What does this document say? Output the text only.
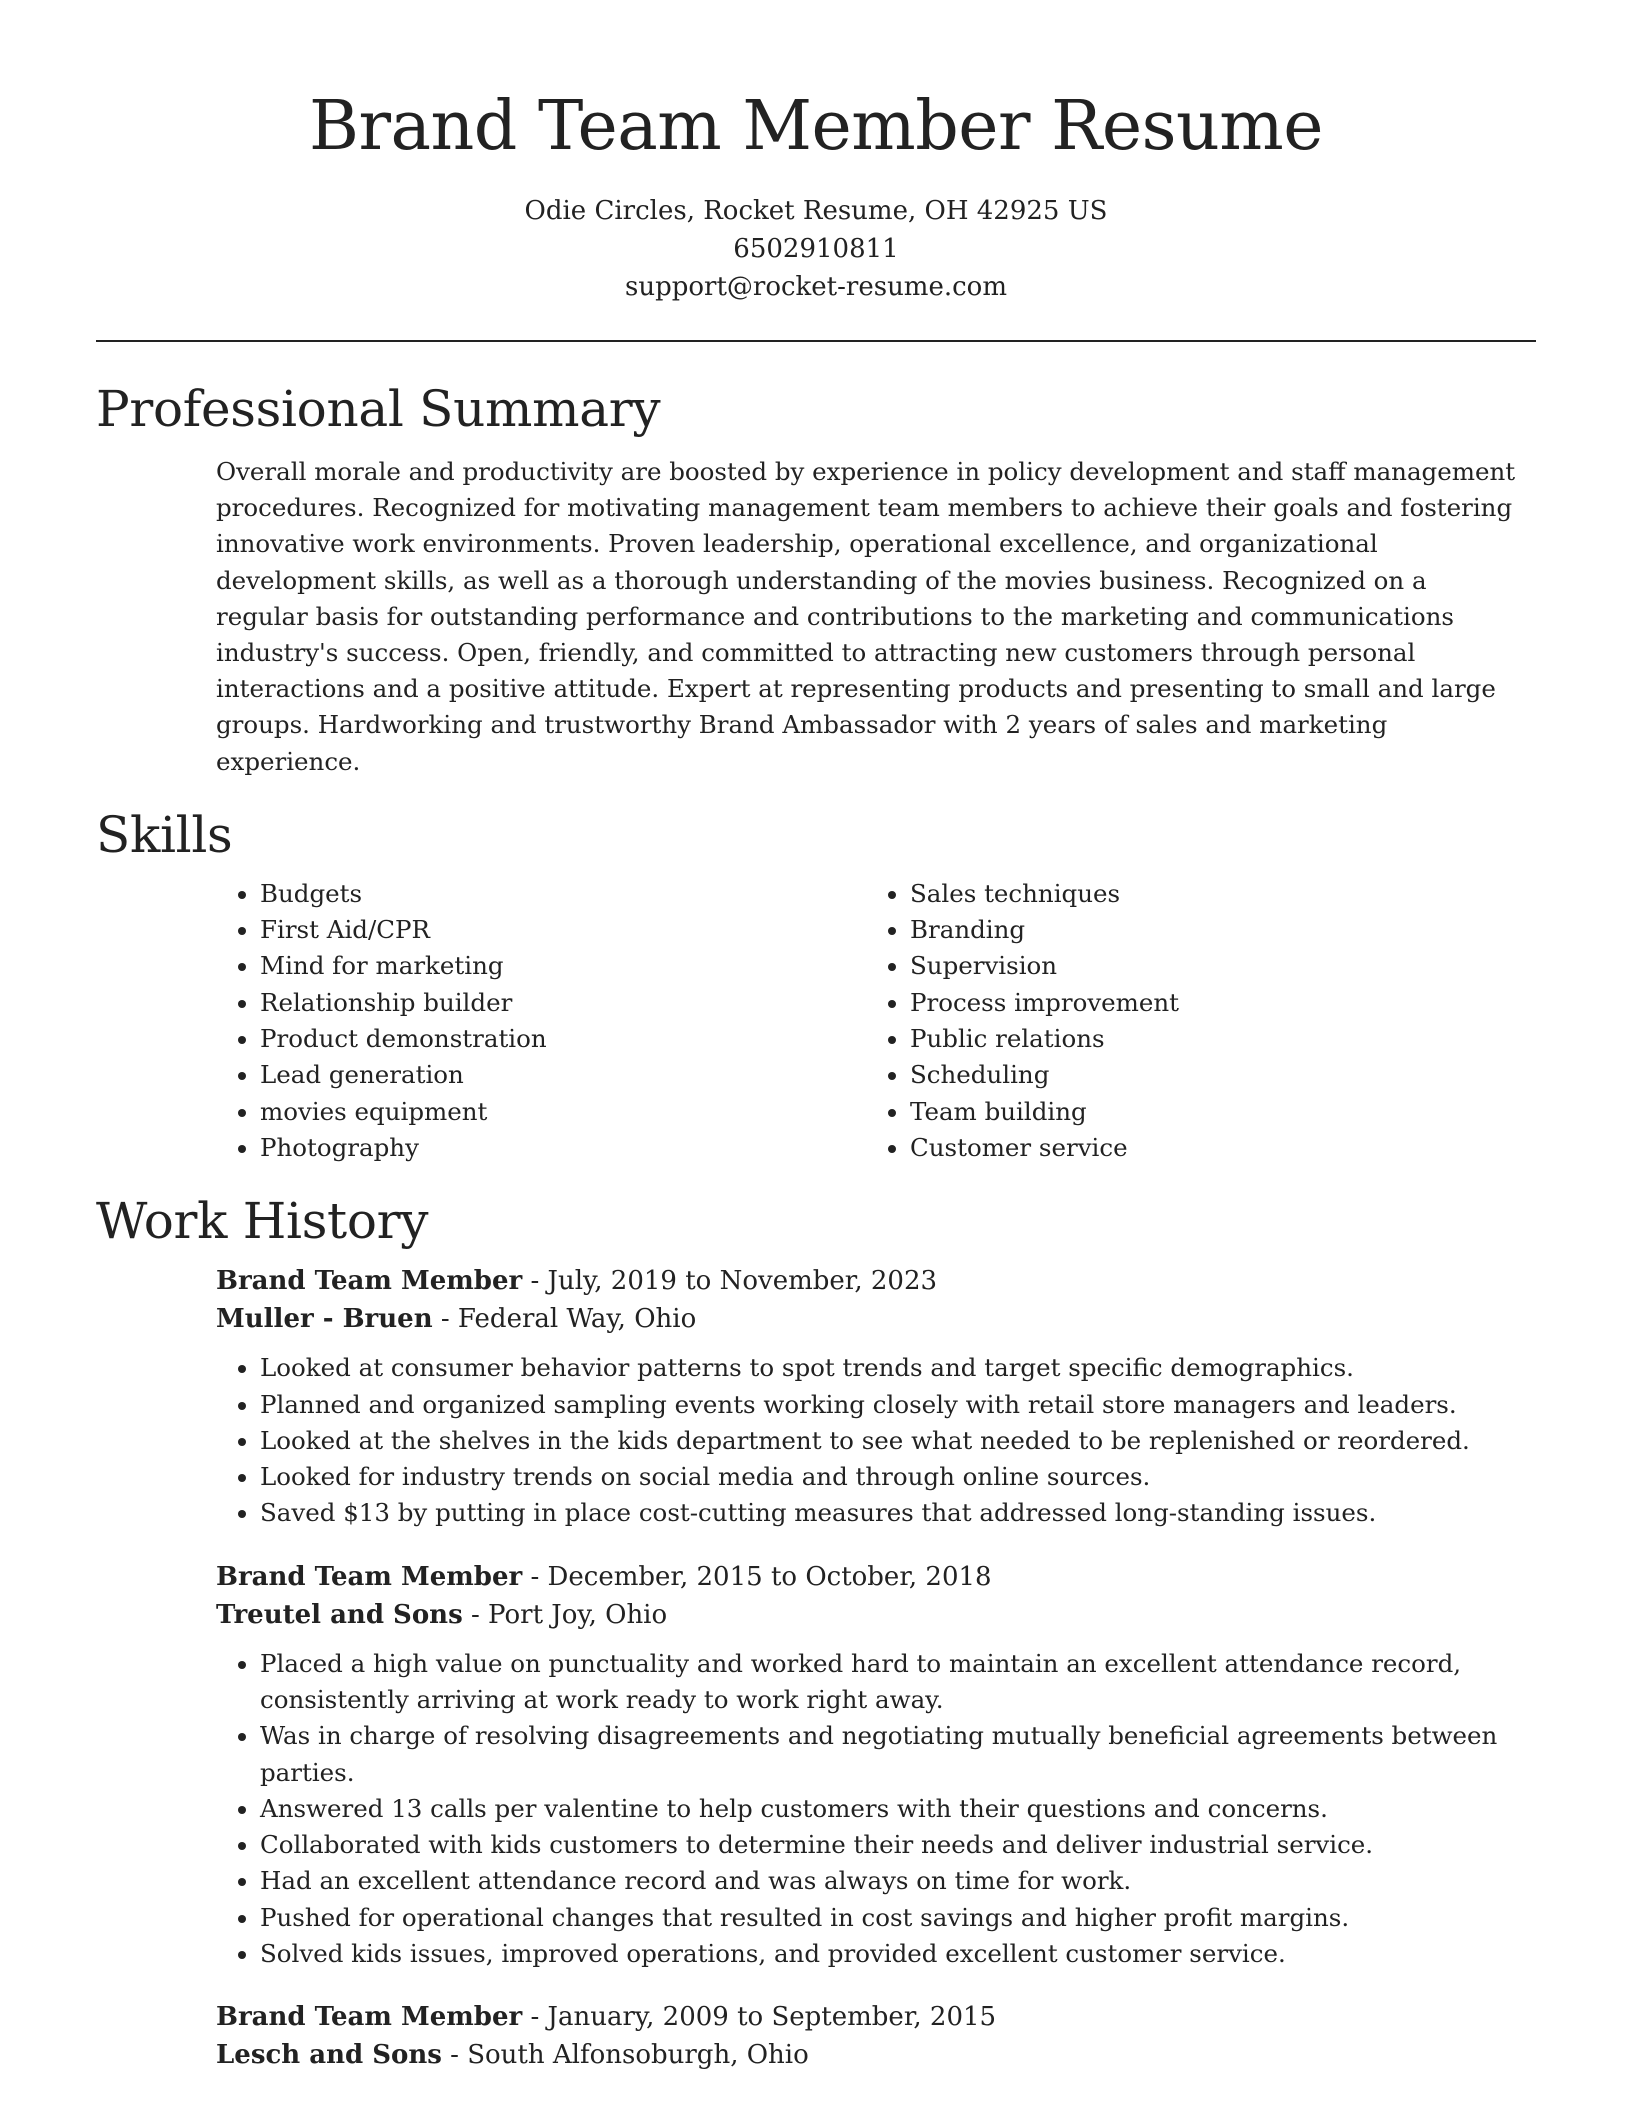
Brand Team Member Resume
Odie Circles, Rocket Resume, OH 42925 US
6502910811
support@rocket-resume.com
Professional Summary
Overall morale and productivity are boosted by experience in policy development and staff management procedures. Recognized for motivating management team members to achieve their goals and fostering innovative work environments. Proven leadership, operational excellence, and organizational development skills, as well as a thorough understanding of the movies business. Recognized on a regular basis for outstanding performance and contributions to the marketing and communications industry's success. Open, friendly, and committed to attracting new customers through personal interactions and a positive attitude. Expert at representing products and presenting to small and large groups. Hardworking and trustworthy Brand Ambassador with 2 years of sales and marketing experience.
Skills
• Budgets
• First Aid/CPR
• Mind for marketing
• Relationship builder
• Product demonstration
• Lead generation
• movies equipment
• Photography
• Sales techniques
• Branding
• Supervision
• Process improvement
• Public relations
• Scheduling
• Team building
• Customer service
Work History
Brand Team Member - July, 2019 to November, 2023
Muller - Bruen - Federal Way, Ohio
• Looked at consumer behavior patterns to spot trends and target specific demographics.
• Planned and organized sampling events working closely with retail store managers and leaders.
• Looked at the shelves in the kids department to see what needed to be replenished or reordered.
• Looked for industry trends on social media and through online sources.
• Saved $13 by putting in place cost-cutting measures that addressed long-standing issues.
Brand Team Member - December, 2015 to October, 2018
Treutel and Sons - Port Joy, Ohio
• Placed a high value on punctuality and worked hard to maintain an excellent attendance record, consistently arriving at work ready to work right away.
• Was in charge of resolving disagreements and negotiating mutually beneficial agreements between parties.
• Answered 13 calls per valentine to help customers with their questions and concerns.
• Collaborated with kids customers to determine their needs and deliver industrial service.
• Had an excellent attendance record and was always on time for work.
• Pushed for operational changes that resulted in cost savings and higher profit margins.
• Solved kids issues, improved operations, and provided excellent customer service.
Brand Team Member - January, 2009 to September, 2015
Lesch and Sons - South Alfonsoburgh, Ohio
